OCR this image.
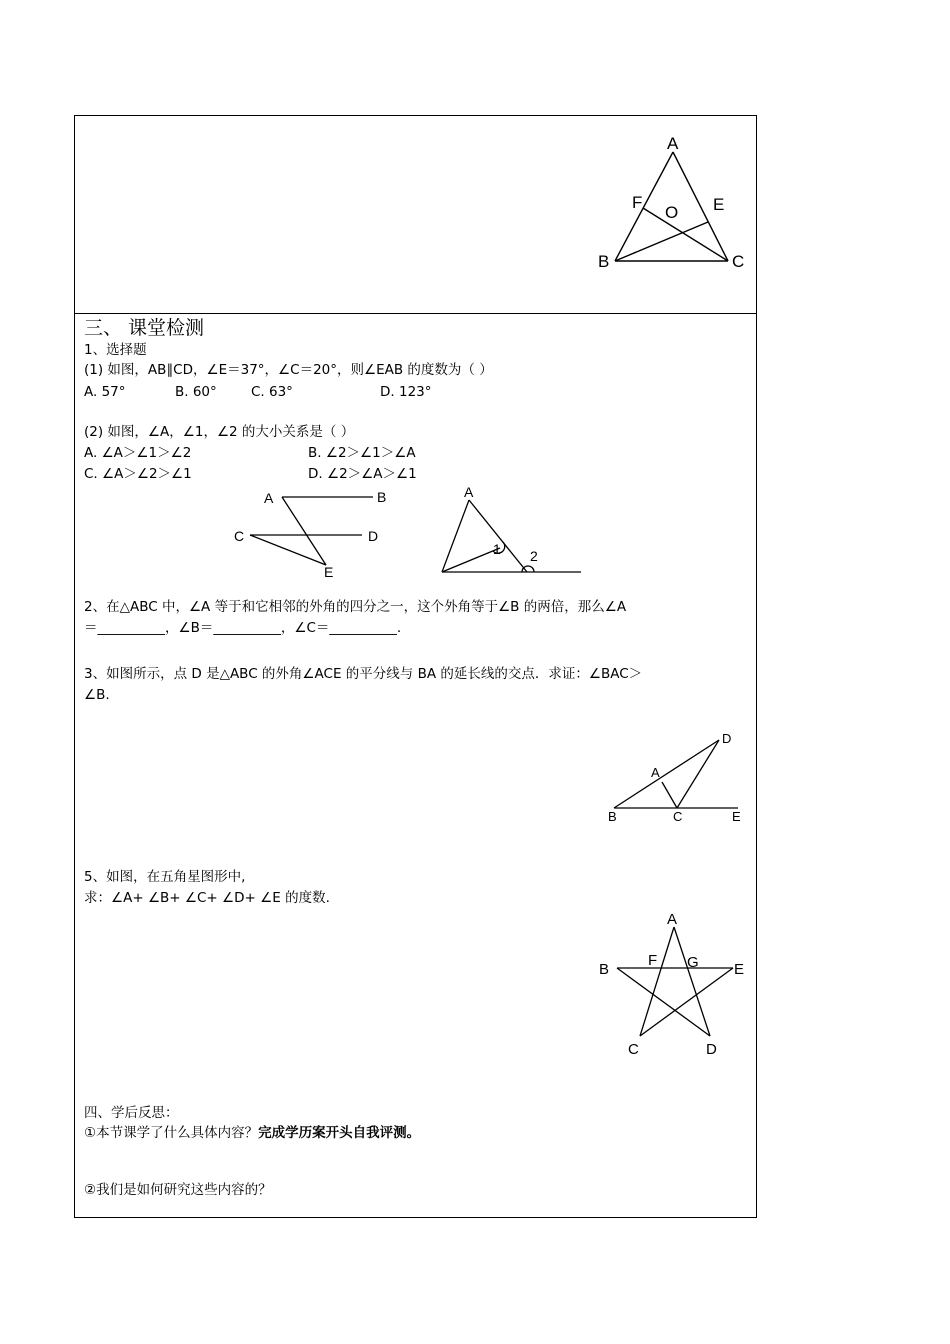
A
F
O E
B	C
三、 课堂检测
1、选择题
(1) 如图，AB∥CD，∠E＝37°，∠C＝20°，则∠EAB 的度数为（ ）
A. 57°	B. 60°	C. 63°	D. 123°
(2) 如图，∠A，∠1，∠2 的大小关系是（ ）
A. ∠A＞∠1＞∠2	B. ∠2＞∠1＞∠A
C. ∠A＞∠2＞∠1	D. ∠2＞∠A＞∠1
A	B
C	D
E
A
1 2
2、在△ABC 中，∠A 等于和它相邻的外角的四分之一，这个外角等于∠B 的两倍，那么∠A
＝__________，∠B＝__________，∠C＝__________.
3、如图所示，点 D 是△ABC 的外角∠ACE 的平分线与 BA 的延长线的交点．求证：∠BAC＞
∠B.
A
B	C
D
E
5、如图，在五角星图形中,
求：∠A+ ∠B+ ∠C+ ∠D+ ∠E 的度数.
A
B
F G E
C	D
四、学后反思：
①本节课学了什么具体内容？完成学历案开头自我评测。
②我们是如何研究这些内容的？
